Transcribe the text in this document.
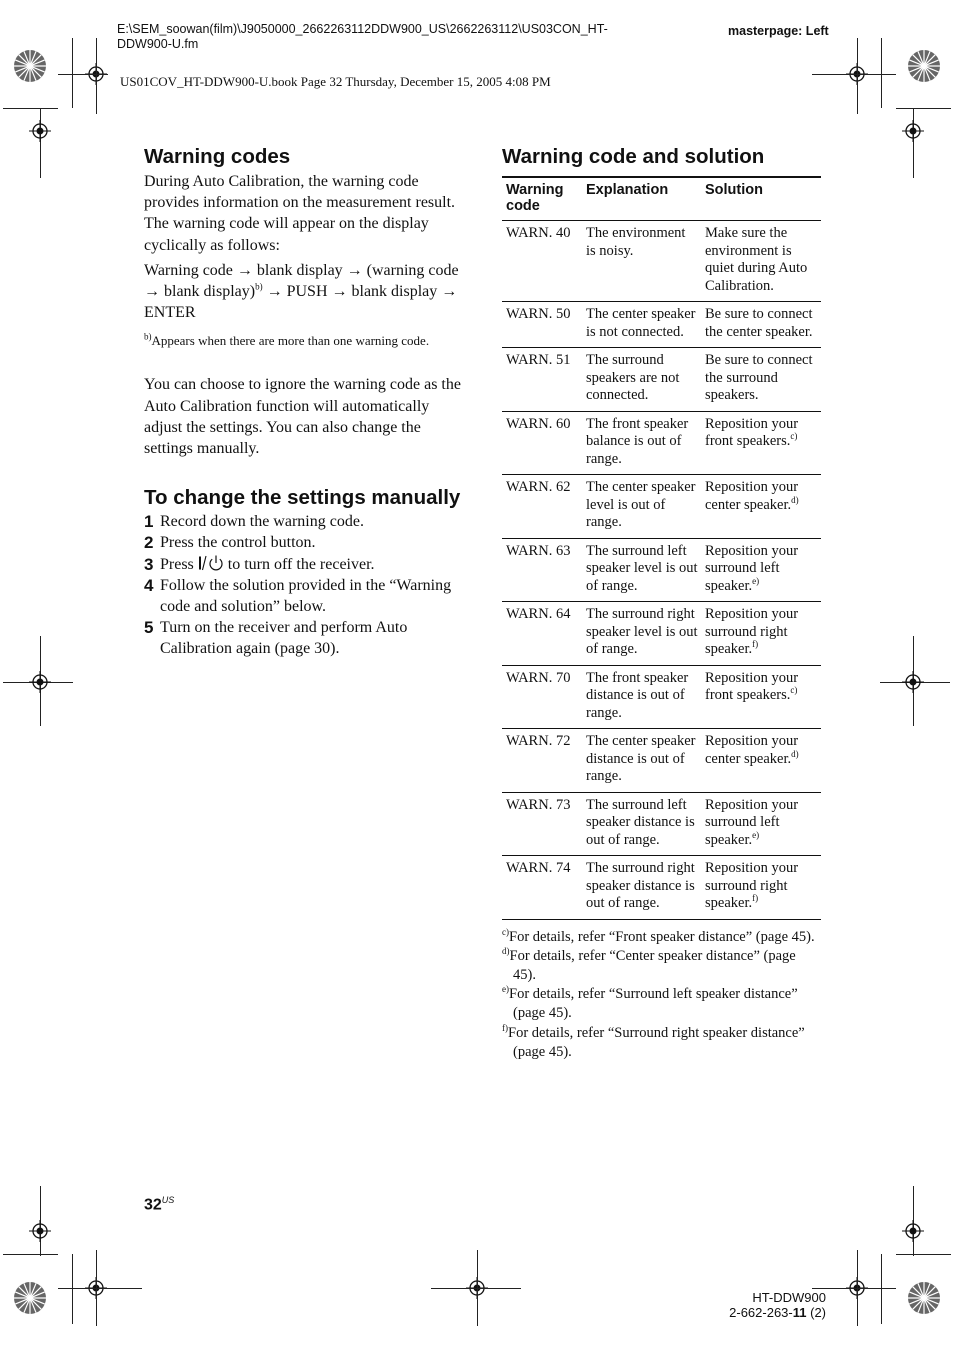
E:\SEM_soowan(film)\J9050000_2662263112DDW900_US\2662263112\US03CON_HT-
DDW900-U.fm
masterpage: Left
US01COV_HT-DDW900-U.book Page 32 Thursday, December 15, 2005 4:08 PM
Warning codes

During Auto Calibration, the warning code provides information on the measurement result. The warning code will appear on the display cyclically as follows:

Warning code → blank display → (warning code → blank display)$^{b)}$ → PUSH → blank display → ENTER

$^{b)}$Appears when there are more than one warning code.

You can choose to ignore the warning code as the Auto Calibration function will automatically adjust the settings. You can also change the settings manually.

To change the settings manually
1 Record down the warning code.
2 Press the control button.
3 Press to turn off the receiver.
4 Follow the solution provided in the “Warning code and solution” below.
5 Turn on the receiver and perform Auto Calibration again (page 30).
Warning code and solution
Warning code	Explanation	Solution
WARN. 40	The environment is noisy.	Make sure the environment is quiet during Auto Calibration.
WARN. 50	The center speaker is not connected.	Be sure to connect the center speaker.
WARN. 51	The surround speakers are not connected.	Be sure to connect the surround speakers.
WARN. 60	The front speaker balance is out of range.	Reposition your front speakers.$^{c)}$
WARN. 62	The center speaker level is out of range.	Reposition your center speaker.$^{d)}$
WARN. 63	The surround left speaker level is out of range.	Reposition your surround left speaker.$^{e)}$
WARN. 64	The surround right speaker level is out of range.	Reposition your surround right speaker.$^{f)}$
WARN. 70	The front speaker distance is out of range.	Reposition your front speakers.$^{c)}$
WARN. 72	The center speaker distance is out of range.	Reposition your center speaker.$^{d)}$
WARN. 73	The surround left speaker distance is out of range.	Reposition your surround left speaker.$^{e)}$
WARN. 74	The surround right speaker distance is out of range.	Reposition your surround right speaker.$^{f)}$

$^{c)}$For details, refer “Front speaker distance” (page 45).

$^{d)}$For details, refer “Center speaker distance” (page 45).

$^{e)}$For details, refer “Surround left speaker distance” (page 45).

$^{f)}$For details, refer “Surround right speaker distance” (page 45).

$32^{US}$
HT-DDW900
2-662-263-11 (2)
